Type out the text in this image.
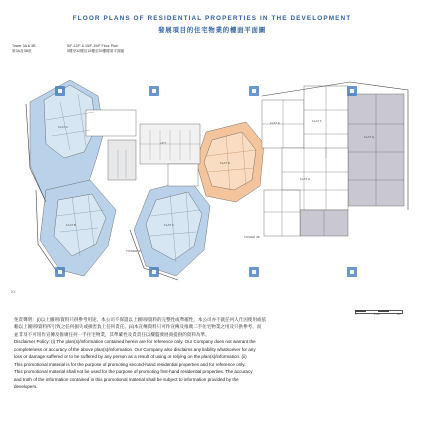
FLOOR PLANS OF RESIDENTIAL PROPERTIES IN THE DEVELOPMENT
發展項目的住宅物業的樓面平面圖
TOWER 3A
TOWER 3B
LIFT
FLAT A
FLAT B	FLAT C
FLAT D
FLAT E	FLAT F
FLAT G
FLAT H
0	2.5m	5m
Tower 3A & 3B
第3A及3B座
5/F-12/F & 15/F-39/F Floor Plan
5樓至12樓及15樓至39樓樓面平面圖
XX

免責聲明：(i)以上圖則/資料只供參考用途，本公司不保證以上圖則/資料的完整性或準確性，本公司亦不就任何人仕因使用或依

賴以上圖則/資料所引致之任何損失或損害負上任何責任。(ii)本宣傳資料只可作宣傳及推廣二手住宅物業之用及只供參考，而

並非及不可用作宣傳及推廣任何一手住宅物業，其準確性及責責任以樓盤發展商提供的資料為準。

Disclaimer Policy: (i) The plan(s)/information contained herein are for reference only. Our Company does not warrant the

completeness or accuracy of the above plan(s)/information. Our Company also disclaims any liability whatsoever for any

loss or damage suffered or to be suffered by any person as a result of using or relying on the plan(s)/information. (ii)

This promotional material is for the purpose of promoting second-hand residential properties and for reference only.

This promotional material shall not be used for the purpose of promoting first-hand residential properties. The accuracy

and truth of the information contained in this promotional material shall be subject to information provided by the

developers.
